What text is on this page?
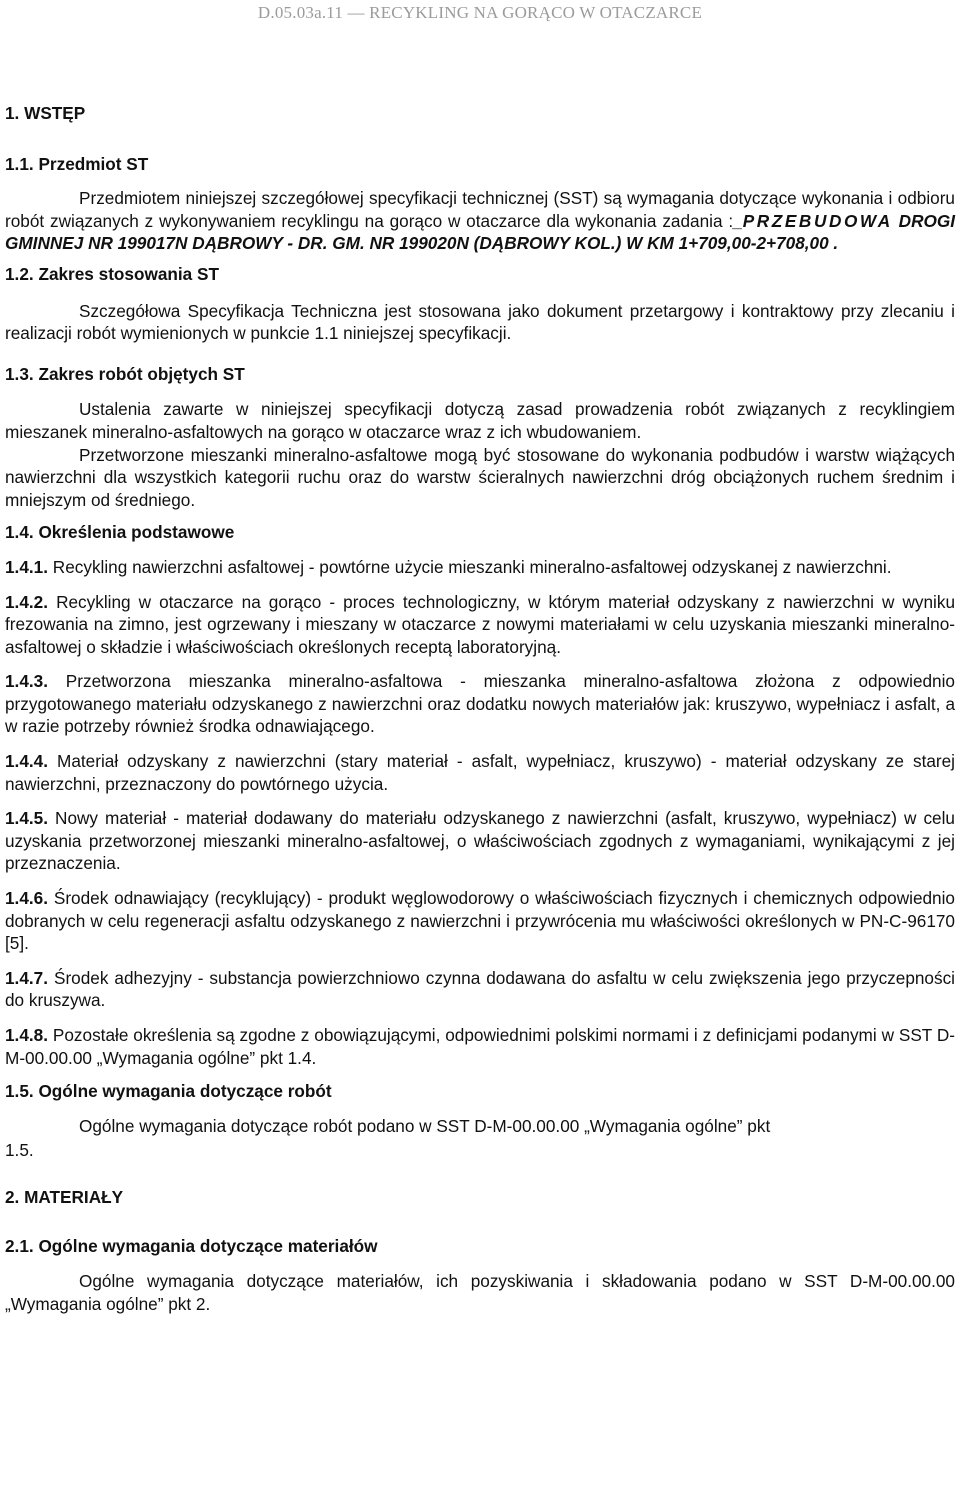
D.05.03a.11 — RECYKLING NA GORĄCO W OTACZARCE

1. WSTĘP

1.1. Przedmiot ST

Przedmiotem niniejszej szczegółowej specyfikacji technicznej (SST) są wymagania dotyczące wykonania i odbioru robót związanych z wykonywaniem recyklingu na gorąco w otaczarce dla wykonania zadania :_PRZEBUDOWA DROGI GMINNEJ NR 199017N DĄBROWY - DR. GM. NR 199020N (DĄBROWY KOL.) W KM 1+709,00-2+708,00 .

1.2. Zakres stosowania ST

Szczegółowa Specyfikacja Techniczna jest stosowana jako dokument przetargowy i kontraktowy przy zlecaniu i realizacji robót wymienionych w punkcie 1.1 niniejszej specyfikacji.

1.3. Zakres robót objętych ST

Ustalenia zawarte w niniejszej specyfikacji dotyczą zasad prowadzenia robót związanych z recyklingiem mieszanek mineralno-asfaltowych na gorąco w otaczarce wraz z ich wbudowaniem.

Przetworzone mieszanki mineralno-asfaltowe mogą być stosowane do wykonania podbudów i warstw wiążących nawierzchni dla wszystkich kategorii ruchu oraz do warstw ścieralnych nawierzchni dróg obciążonych ruchem średnim i mniejszym od średniego.

1.4. Określenia podstawowe

1.4.1. Recykling nawierzchni asfaltowej - powtórne użycie mieszanki mineralno-asfaltowej odzyskanej z nawierzchni.

1.4.2. Recykling w otaczarce na gorąco - proces technologiczny, w którym materiał odzyskany z nawierzchni w wyniku frezowania na zimno, jest ogrzewany i mieszany w otaczarce z nowymi materiałami w celu uzyskania mieszanki mineralno-asfaltowej o składzie i właściwościach określonych receptą laboratoryjną.

1.4.3. Przetworzona mieszanka mineralno-asfaltowa - mieszanka mineralno-asfaltowa złożona z odpowiednio przygotowanego materiału odzyskanego z nawierzchni oraz dodatku nowych materiałów jak: kruszywo, wypełniacz i asfalt, a w razie potrzeby również środka odnawiającego.

1.4.4. Materiał odzyskany z nawierzchni (stary materiał - asfalt, wypełniacz, kruszywo) - materiał odzyskany ze starej nawierzchni, przeznaczony do powtórnego użycia.

1.4.5. Nowy materiał - materiał dodawany do materiału odzyskanego z nawierzchni (asfalt, kruszywo, wypełniacz) w celu uzyskania przetworzonej mieszanki mineralno-asfaltowej, o właściwościach zgodnych z wymaganiami, wynikającymi z jej przeznaczenia.

1.4.6. Środek odnawiający (recyklujący) - produkt węglowodorowy o właściwościach fizycznych i chemicznych odpowiednio dobranych w celu regeneracji asfaltu odzyskanego z nawierzchni i przywrócenia mu właściwości określonych w PN-C-96170 [5].

1.4.7. Środek adhezyjny - substancja powierzchniowo czynna dodawana do asfaltu w celu zwiększenia jego przyczepności do kruszywa.

1.4.8. Pozostałe określenia są zgodne z obowiązującymi, odpowiednimi polskimi normami i z definicjami podanymi w SST D-M-00.00.00 „Wymagania ogólne” pkt 1.4.

1.5. Ogólne wymagania dotyczące robót

Ogólne wymagania dotyczące robót podano w SST D-M-00.00.00 „Wymagania ogólne” pkt

1.5.

2. MATERIAŁY

2.1. Ogólne wymagania dotyczące materiałów

Ogólne wymagania dotyczące materiałów, ich pozyskiwania i składowania podano w SST D-M-00.00.00 „Wymagania ogólne” pkt 2.
